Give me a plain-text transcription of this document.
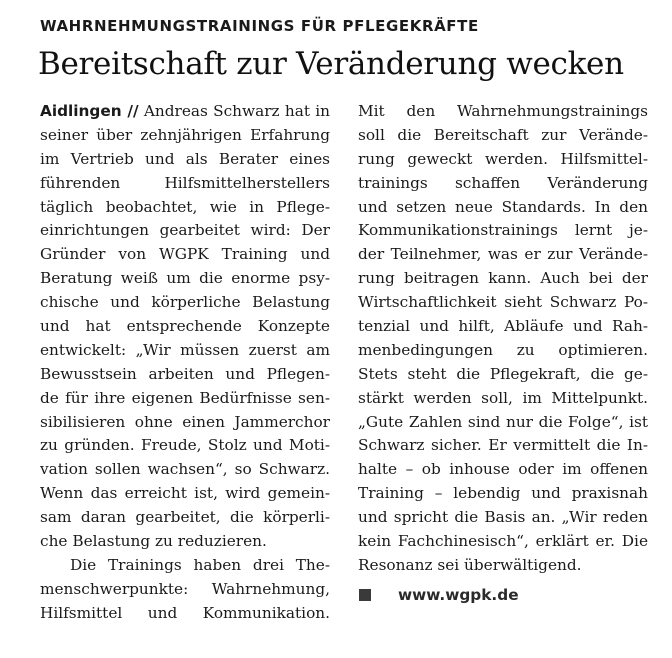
WAHRNEHMUNGSTRAININGS FÜR PFLEGEKRÄFTE
Bereitschaft zur Veränderung wecken
Aidlingen // Andreas Schwarz hat in
seiner über zehnjährigen Erfahrung
im Vertrieb und als Berater eines
führenden Hilfsmittelherstellers
täglich beobachtet, wie in Pflege-
einrichtungen gearbeitet wird: Der
Gründer von WGPK Training und
Beratung weiß um die enorme psy-
chische und körperliche Belastung
und hat entsprechende Konzepte
entwickelt: „Wir müssen zuerst am
Bewusstsein arbeiten und Pflegen-
de für ihre eigenen Bedürfnisse sen-
sibilisieren ohne einen Jammerchor
zu gründen. Freude, Stolz und Moti-
vation sollen wachsen“, so Schwarz.
Wenn das erreicht ist, wird gemein-
sam daran gearbeitet, die körperli-
che Belastung zu reduzieren.
Die Trainings haben drei The-
menschwerpunkte: Wahrnehmung,
Hilfsmittel und Kommunikation.
Mit den Wahrnehmungstrainings
soll die Bereitschaft zur Verände-
rung geweckt werden. Hilfsmittel-
trainings schaffen Veränderung
und setzen neue Standards. In den
Kommunikationstrainings lernt je-
der Teilnehmer, was er zur Verände-
rung beitragen kann. Auch bei der
Wirtschaftlichkeit sieht Schwarz Po-
tenzial und hilft, Abläufe und Rah-
menbedingungen zu optimieren.
Stets steht die Pflegekraft, die ge-
stärkt werden soll, im Mittelpunkt.
„Gute Zahlen sind nur die Folge“, ist
Schwarz sicher. Er vermittelt die In-
halte – ob inhouse oder im offenen
Training – lebendig und praxisnah
und spricht die Basis an. „Wir reden
kein Fachchinesisch“, erklärt er. Die
Resonanz sei überwältigend.
www.wgpk.de
